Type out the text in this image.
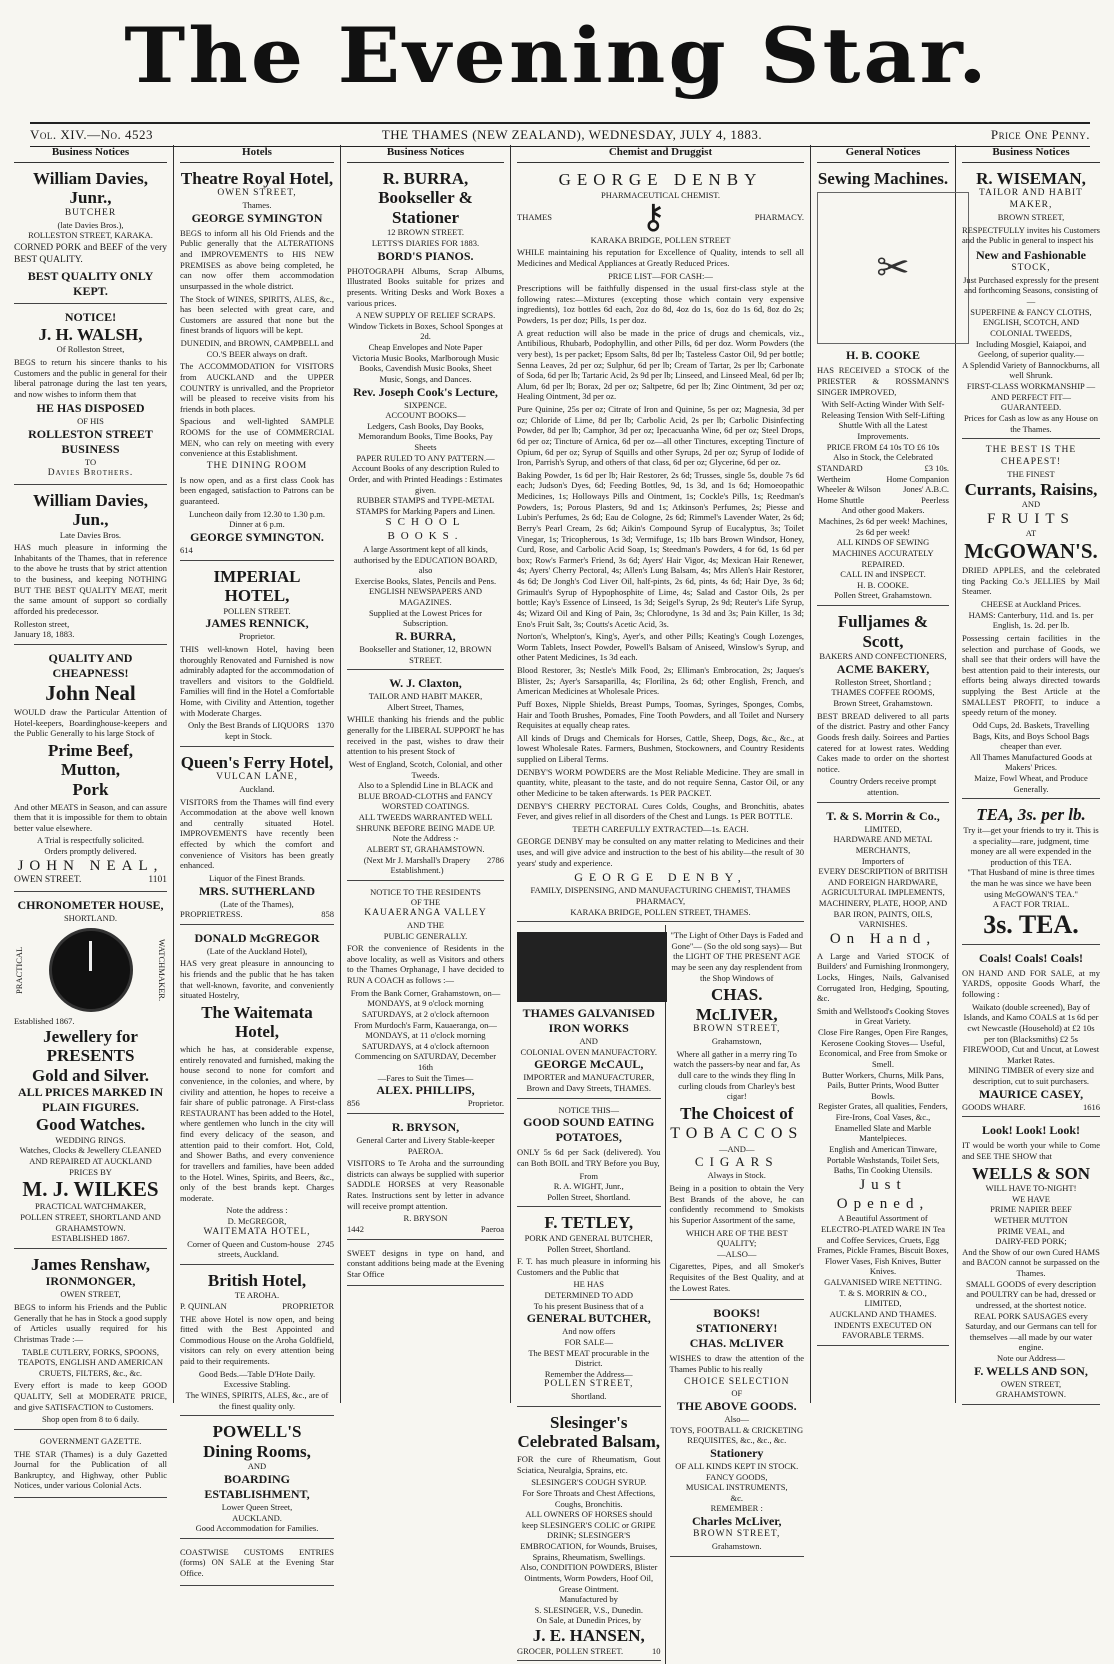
The Evening Star.
Vol. XIV.—No. 4523	THE THAMES (NEW ZEALAND), WEDNESDAY, JULY 4, 1883.	Price One Penny.
Business Notices
William Davies, Junr.,
BUTCHER
(late Davies Bros.),
ROLLESTON STREET, KARAKA.

CORNED PORK and BEEF of the very BEST QUALITY.

BEST QUALITY ONLY KEPT.
NOTICE!
J. H. WALSH,
Of Rolleston Street,

BEGS to return his sincere thanks to his Customers and the public in general for their liberal patronage during the last ten years, and now wishes to inform them that

HE HAS DISPOSED
OF HIS
ROLLESTON STREET BUSINESS
TO
Davies Brothers.
William Davies, Jun.,
Late Davies Bros.

HAS much pleasure in informing the Inhabitants of the Thames, that in reference to the above he trusts that by strict attention to the business, and keeping NOTHING BUT THE BEST QUALITY MEAT, merit the same amount of support so cordially afforded his predecessor.

Rolleston street,
January 18, 1883.
QUALITY AND CHEAPNESS!
John Neal

WOULD draw the Particular Attention of Hotel-keepers, Boardinghouse-keepers and the Public Generally to his large Stock of

Prime Beef,
Mutton,
Pork

And other MEATS in Season, and can assure them that it is impossible for them to obtain better value elsewhere.

A Trial is respectfully solicited.
Orders promptly delivered.
JOHN NEAL,
OWEN STREET.	1101
CHRONOMETER HOUSE,
SHORTLAND.
PRACTICAL	WATCHMAKER.
Established 1867.
Jewellery for PRESENTS
Gold and Silver.
ALL PRICES MARKED IN PLAIN FIGURES.
Good Watches.
WEDDING RINGS.
Watches, Clocks & Jewellery CLEANED AND REPAIRED AT AUCKLAND PRICES BY
M. J. WILKES
PRACTICAL WATCHMAKER,
POLLEN STREET, SHORTLAND AND GRAHAMSTOWN.
ESTABLISHED 1867.
James Renshaw,
IRONMONGER,
OWEN STREET,

BEGS to inform his Friends and the Public Generally that he has in Stock a good supply of Articles usually required for his Christmas Trade :—

TABLE CUTLERY, FORKS, SPOONS, TEAPOTS, ENGLISH AND AMERICAN CRUETS, FILTERS, &c., &c.

Every effort is made to keep GOOD QUALITY, Sell at MODERATE PRICE, and give SATISFACTION to Customers.

Shop open from 8 to 6 daily.
GOVERNMENT GAZETTE.

THE STAR (Thames) is a duly Gazetted Journal for the Publication of all Bankruptcy, and Highway, other Public Notices, under various Colonial Acts.

Hotels
Theatre Royal Hotel,
OWEN STREET,
Thames.
GEORGE SYMINGTON

BEGS to inform all his Old Friends and the Public generally that the ALTERATIONS and IMPROVEMENTS to HIS NEW PREMISES as above being completed, he can now offer them accommodation unsurpassed in the whole district.

The Stock of WINES, SPIRITS, ALES, &c., has been selected with great care, and Customers are assured that none but the finest brands of liquors will be kept.

DUNEDIN, and BROWN, CAMPBELL and CO.'S BEER always on draft.

The ACCOMMODATION for VISITORS from AUCKLAND and the UPPER COUNTRY is unrivalled, and the Proprietor will be pleased to receive visits from his friends in both places.

Spacious and well-lighted SAMPLE ROOMS for the use of COMMERCIAL MEN, who can rely on meeting with every convenience at this Establishment.

THE DINING ROOM

Is now open, and as a first class Cook has been engaged, satisfaction to Patrons can be guaranteed.

Luncheon daily from 12.30 to 1.30 p.m. Dinner at 6 p.m.
GEORGE SYMINGTON.
614
IMPERIAL HOTEL,
POLLEN STREET.
JAMES RENNICK,
Proprietor.

THIS well-known Hotel, having been thoroughly Renovated and Furnished is now admirably adapted for the accommodation of travellers and visitors to the Goldfield. Families will find in the Hotel a Comfortable Home, with Civility and Attention, together with Moderate Charges.

Only the Best Brands of LIQUORS kept in Stock.
1370
Queen's Ferry Hotel,
VULCAN LANE,
Auckland.

VISITORS from the Thames will find every Accommodation at the above well known and centrally situated Hotel. IMPROVEMENTS have recently been effected by which the comfort and convenience of Visitors has been greatly enhanced.

Liquor of the Finest Brands.
MRS. SUTHERLAND
(Late of the Thames),
PROPRIETRESS.	858
DONALD McGREGOR
(Late of the Auckland Hotel),

HAS very great pleasure in announcing to his friends and the public that he has taken that well-known, favorite, and conveniently situated Hostelry,

The Waitemata Hotel,

which he has, at considerable expense, entirely renovated and furnished, making the house second to none for comfort and convenience, in the colonies, and where, by civility and attention, he hopes to receive a fair share of public patronage. A First-class RESTAURANT has been added to the Hotel, where gentlemen who lunch in the city will find every delicacy of the season, and attention paid to their comfort. Hot, Cold, and Shower Baths, and every convenience for travellers and families, have been added to the Hotel. Wines, Spirits, and Beers, &c., only of the best brands kept. Charges moderate.

Note the address :
D. McGREGOR,
WAITEMATA HOTEL,
Corner of Queen and Custom-house streets, Auckland.
2745
British Hotel,
TE AROHA.
P. QUINLAN	PROPRIETOR

THE above Hotel is now open, and being fitted with the Best Appointed and Commodious House on the Aroha Goldfield, visitors can rely on every attention being paid to their requirements.

Good Beds.—Table D'Hote Daily.
Excessive Stabling.
The WINES, SPIRITS, ALES, &c., are of the finest quality only.
POWELL'S
Dining Rooms,
AND
BOARDING ESTABLISHMENT,
Lower Queen Street,
AUCKLAND.
Good Accommodation for Families.

COASTWISE CUSTOMS ENTRIES (forms) ON SALE at the Evening Star Office.

Business Notices
R. BURRA,
Bookseller & Stationer
12 BROWN STREET.
LETTS'S DIARIES FOR 1883.
BORD'S PIANOS.

PHOTOGRAPH Albums, Scrap Albums, Illustrated Books suitable for prizes and presents. Writing Desks and Work Boxes a various prices.

A NEW SUPPLY OF RELIEF SCRAPS.
Window Tickets in Boxes, School Sponges at 2d.
Cheap Envelopes and Note Paper
Victoria Music Books, Marlborough Music Books, Cavendish Music Books, Sheet Music, Songs, and Dances.
Rev. Joseph Cook's Lecture,
SIXPENCE.
ACCOUNT BOOKS—
Ledgers, Cash Books, Day Books, Memorandum Books, Time Books, Pay Sheets
PAPER RULED TO ANY PATTERN.—
Account Books of any description Ruled to Order, and with Printed Headings : Estimates given.
RUBBER STAMPS and TYPE-METAL STAMPS for Marking Papers and Linen.
SCHOOL BOOKS.
A large Assortment kept of all kinds, authorised by the EDUCATION BOARD, also
Exercise Books, Slates, Pencils and Pens.
ENGLISH NEWSPAPERS AND MAGAZINES.
Supplied at the Lowest Prices for Subscription.
R. BURRA,
Bookseller and Stationer, 12, BROWN STREET.
W. J. Claxton,
TAILOR AND HABIT MAKER,
Albert Street, Thames,

WHILE thanking his friends and the public generally for the LIBERAL SUPPORT he has received in the past, wishes to draw their attention to his present Stock of

West of England, Scotch, Colonial, and other Tweeds.
Also to a Splendid Line in BLACK and BLUE BROAD-CLOTHS and FANCY WORSTED COATINGS.
ALL TWEEDS WARRANTED WELL SHRUNK BEFORE BEING MADE UP.
Note the Address :-
ALBERT ST, GRAHAMSTOWN.
(Next Mr J. Marshall's Drapery Establishment.)
2786
NOTICE TO THE RESIDENTS
OF THE
KAUAERANGA VALLEY
AND THE
PUBLIC GENERALLY.

FOR the convenience of Residents in the above locality, as well as Visitors and others to the Thames Orphanage, I have decided to RUN A COACH as follows :—

From the Bank Corner, Grahamstown, on— MONDAYS, at 9 o'clock morning SATURDAYS, at 2 o'clock afternoon
From Murdoch's Farm, Kauaeranga, on— MONDAYS, at 11 o'clock morning SATURDAYS, at 4 o'clock afternoon Commencing on SATURDAY, December 16th
—Fares to Suit the Times—
ALEX. PHILLIPS,
856	Proprietor.
R. BRYSON,
General Carter and Livery Stable-keeper PAEROA.

VISITORS to Te Aroha and the surrounding districts can always be supplied with superior SADDLE HORSES at very Reasonable Rates. Instructions sent by letter in advance will receive prompt attention.

R. BRYSON
1442	Paeroa

SWEET designs in type on hand, and constant additions being made at the Evening Star Office

Chemist and Druggist
GEORGE DENBY
PHARMACEUTICAL CHEMIST.
THAMES	⚷	PHARMACY.
KARAKA BRIDGE, POLLEN STREET

WHILE maintaining his reputation for Excellence of Quality, intends to sell all Medicines and Medical Appliances at Greatly Reduced Prices.

PRICE LIST—FOR CASH:—

Prescriptions will be faithfully dispensed in the usual first-class style at the following rates:—Mixtures (excepting those which contain very expensive ingredients), 1oz bottles 6d each, 2oz do 8d, 4oz do 1s, 6oz do 1s 6d, 8oz do 2s; Powders, 1s per doz; Pills, 1s per doz.

A great reduction will also be made in the price of drugs and chemicals, viz., Antibilious, Rhubarb, Podophyllin, and other Pills, 6d per doz. Worm Powders (the very best), 1s per packet; Epsom Salts, 8d per lb; Tasteless Castor Oil, 9d per bottle; Senna Leaves, 2d per oz; Sulphur, 6d per lb; Cream of Tartar, 2s per lb; Carbonate of Soda, 6d per lb; Tartaric Acid, 2s 9d per lb; Linseed, and Linseed Meal, 6d per lb; Alum, 6d per lb; Borax, 2d per oz; Saltpetre, 6d per lb; Zinc Ointment, 3d per oz; Healing Ointment, 3d per oz.

Pure Quinine, 25s per oz; Citrate of Iron and Quinine, 5s per oz; Magnesia, 3d per oz; Chloride of Lime, 8d per lb; Carbolic Acid, 2s per lb; Carbolic Disinfecting Powder, 8d per lb; Camphor, 3d per oz; Ipecacuanha Wine, 6d per oz; Steel Drops, 6d per oz; Tincture of Arnica, 6d per oz—all other Tinctures, excepting Tincture of Opium, 6d per oz; Syrup of Squills and other Syrups, 2d per oz; Syrup of Iodide of Iron, Parrish's Syrup, and others of that class, 6d per oz; Glycerine, 6d per oz.

Baking Powder, 1s 6d per lb; Hair Restorer, 2s 6d; Trusses, single 5s, double 7s 6d each; Judson's Dyes, 6d; Feeding Bottles, 9d, 1s 3d, and 1s 6d; Homoeopathic Medicines, 1s; Holloways Pills and Ointment, 1s; Cockle's Pills, 1s; Reedman's Powders, 1s; Porous Plasters, 9d and 1s; Atkinson's Perfumes, 2s; Piesse and Lubin's Perfumes, 2s 6d; Eau de Cologne, 2s 6d; Rimmel's Lavender Water, 2s 6d; Berry's Pearl Cream, 2s 6d; Aikin's Compound Syrup of Eucalyptus, 3s; Toilet Vinegar, 1s; Tricopherous, 1s 3d; Vermifuge, 1s; 1lb bars Brown Windsor, Honey, Curd, Rose, and Carbolic Acid Soap, 1s; Steedman's Powders, 4 for 6d, 1s 6d per box; Row's Farmer's Friend, 3s 6d; Ayers' Hair Vigor, 4s; Mexican Hair Renewer, 4s; Ayers' Cherry Pectoral, 4s; Allen's Lung Balsam, 4s; Mrs Allen's Hair Restorer, 4s 6d; De Jongh's Cod Liver Oil, half-pints, 2s 6d, pints, 4s 6d; Hair Dye, 3s 6d; Grimault's Syrup of Hypophosphite of Lime, 4s; Salad and Castor Oils, 2s per bottle; Kay's Essence of Linseed, 1s 3d; Seigel's Syrup, 2s 9d; Reuter's Life Syrup, 4s; Wizard Oil and King of Pain, 3s; Chlorodyne, 1s 3d and 3s; Pain Killer, 1s 3d; Eno's Fruit Salt, 3s; Coutts's Acetic Acid, 3s.

Norton's, Whelpton's, King's, Ayer's, and other Pills; Keating's Cough Lozenges, Worm Tablets, Insect Powder, Powell's Balsam of Aniseed, Winslow's Syrup, and other Patent Medicines, 1s 3d each.

Blood Restorer, 3s; Nestle's Milk Food, 2s; Elliman's Embrocation, 2s; Jaques's Blister, 2s; Ayer's Sarsaparilla, 4s; Florilina, 2s 6d; other English, French, and American Medicines at Wholesale Prices.

Puff Boxes, Nipple Shields, Breast Pumps, Toomas, Syringes, Sponges, Combs, Hair and Tooth Brushes, Pomades, Fine Tooth Powders, and all Toilet and Nursery Requisites at equally cheap rates.

All kinds of Drugs and Chemicals for Horses, Cattle, Sheep, Dogs, &c., &c., at lowest Wholesale Rates. Farmers, Bushmen, Stockowners, and Country Residents supplied on Liberal Terms.

DENBY'S WORM POWDERS are the Most Reliable Medicine. They are small in quantity, white, pleasant to the taste, and do not require Senna, Castor Oil, or any other Medicine to be taken afterwards. 1s PER PACKET.

DENBY'S CHERRY PECTORAL Cures Colds, Coughs, and Bronchitis, abates Fever, and gives relief in all disorders of the Chest and Lungs. 1s PER BOTTLE.

TEETH CAREFULLY EXTRACTED—1s. EACH.

GEORGE DENBY may be consulted on any matter relating to Medicines and their uses, and will give advice and instruction to the best of his ability—the result of 30 years' study and experience.

GEORGE DENBY,
FAMILY, DISPENSING, AND MANUFACTURING CHEMIST, THAMES PHARMACY,
KARAKA BRIDGE, POLLEN STREET, THAMES.
THAMES GALVANISED IRON WORKS
AND
COLONIAL OVEN MANUFACTORY.
GEORGE McCAUL,
IMPORTER and MANUFACTURER,
Brown and Davy Streets, THAMES.
NOTICE THIS—
GOOD SOUND EATING POTATOES,

ONLY 5s 6d per Sack (delivered). You can Both BOIL and TRY Before you Buy,

From
R. A. WIGHT, Junr.,
Pollen Street, Shortland.
F. TETLEY,
PORK AND GENERAL BUTCHER,
Pollen Street, Shortland.

F. T. has much pleasure in informing his Customers and the Public that

HE HAS
DETERMINED TO ADD
To his present Business that of a
GENERAL BUTCHER,
And now offers
FOR SALE—
The BEST MEAT procurable in the District.
Remember the Address—
POLLEN STREET,
Shortland.
Slesinger's Celebrated Balsam,

FOR the cure of Rheumatism, Gout Sciatica, Neuralgia, Sprains, etc.

SLESINGER'S COUGH SYRUP.
For Sore Throats and Chest Affections, Coughs, Bronchitis.
ALL OWNERS OF HORSES should keep SLESINGER'S COLIC or GRIPE DRINK; SLESINGER'S EMBROCATION, for Wounds, Bruises, Sprains, Rheumatism, Swellings.
Also, CONDITION POWDERS, Blister Ointments, Worm Powders, Hoof Oil, Grease Ointment.
Manufactured by
S. SLESINGER, V.S., Dunedin.
On Sale, at Dunedin Prices, by
J. E. HANSEN,
GROCER, POLLEN STREET.	10

"The Light of Other Days is Faded and Gone"— (So the old song says)— But the LIGHT OF THE PRESENT AGE may be seen any day resplendent from the Shop Windows of

CHAS. McLIVER,
BROWN STREET,
Grahamstown,

Where all gather in a merry ring To watch the passers-by near and far, As dull care to the winds they fling In curling clouds from Charley's best cigar!

The Choicest of
TOBACCOS
—AND—
CIGARS
Always in Stock.

Being in a position to obtain the Very Best Brands of the above, he can confidently recommend to Smokists his Superior Assortment of the same,

WHICH ARE OF THE BEST QUALITY;
—ALSO—

Cigarettes, Pipes, and all Smoker's Requisites of the Best Quality, and at the Lowest Rates.

BOOKS!
STATIONERY!
CHAS. McLIVER

WISHES to draw the attention of the Thames Public to his really

CHOICE SELECTION
OF
THE ABOVE GOODS.
Also—
TOYS, FOOTBALL & CRICKETING REQUISITES, &c., &c., &c.
Stationery
OF ALL KINDS KEPT IN STOCK.
FANCY GOODS,
MUSICAL INSTRUMENTS,
&c.
REMEMBER :
Charles McLiver,
BROWN STREET,
Grahamstown.
General Notices
Sewing Machines.
✂
H. B. COOKE

HAS RECEIVED a STOCK of the PRIESTER & ROSSMANN'S SINGER IMPROVED,

With Self-Acting Winder With Self-Releasing Tension With Self-Lifting Shuttle With all the Latest Improvements.
PRICE FROM £4 10s TO £6 10s
Also in Stock, the Celebrated
STANDARD	£3 10s.
Wertheim	Home Companion
Wheeler & Wilson	Jones' A.B.C.
Home Shuttle	Peerless
And other good Makers.
Machines, 2s 6d per week! Machines, 2s 6d per week!
ALL KINDS OF SEWING MACHINES ACCURATELY REPAIRED.
CALL IN and INSPECT.
H. B. COOKE.
Pollen Street, Grahamstown.
Fulljames & Scott,
BAKERS AND CONFECTIONERS,
ACME BAKERY,
Rolleston Street, Shortland ;
THAMES COFFEE ROOMS,
Brown Street, Grahamstown.

BEST BREAD delivered to all parts of the district. Pastry and other Fancy Goods fresh daily. Soirees and Parties catered for at lowest rates. Wedding Cakes made to order on the shortest notice.

Country Orders receive prompt attention.
T. & S. Morrin & Co.,
LIMITED,
HARDWARE AND METAL MERCHANTS,
Importers of
EVERY DESCRIPTION of BRITISH AND FOREIGN HARDWARE, AGRICULTURAL IMPLEMENTS, MACHINERY, PLATE, HOOP, AND BAR IRON, PAINTS, OILS, VARNISHES.
On Hand,

A Large and Varied STOCK of Builders' and Furnishing Ironmongery, Locks, Hinges, Nails, Galvanised Corrugated Iron, Hedging, Spouting, &c.

Smith and Wellstood's Cooking Stoves in Great Variety.
Close Fire Ranges, Open Fire Ranges, Kerosene Cooking Stoves— Useful, Economical, and Free from Smoke or Smell.
Butter Workers, Churns, Milk Pans, Pails, Butter Prints, Wood Butter Bowls.
Register Grates, all qualities, Fenders, Fire-Irons, Coal Vases, &c., Enamelled Slate and Marble Mantelpieces.
English and American Tinware, Portable Washstands, Toilet Sets, Baths, Tin Cooking Utensils.
Just Opened,
A Beautiful Assortment of ELECTRO-PLATED WARE IN Tea and Coffee Services, Cruets, Egg Frames, Pickle Frames, Biscuit Boxes, Flower Vases, Fish Knives, Butter Knives.
GALVANISED WIRE NETTING.
T. & S. MORRIN & CO.,
LIMITED,
AUCKLAND AND THAMES.
INDENTS EXECUTED ON FAVORABLE TERMS.
Business Notices
R. WISEMAN,
TAILOR AND HABIT MAKER,
BROWN STREET,

RESPECTFULLY invites his Customers and the Public in general to inspect his

New and Fashionable
STOCK,
Just Purchased expressly for the present and forthcoming Seasons, consisting of—
SUPERFINE & FANCY CLOTHS, ENGLISH, SCOTCH, AND COLONIAL TWEEDS,
Including Mosgiel, Kaiapoi, and Geelong, of superior quality.—
A Splendid Variety of Bannockburns, all well Shrunk.
FIRST-CLASS WORKMANSHIP —AND PERFECT FIT— GUARANTEED.
Prices for Cash as low as any House on the Thames.
THE BEST IS THE CHEAPEST!
THE FINEST
Currants, Raisins,
AND
FRUITS
AT
McGOWAN'S.

DRIED APPLES, and the celebrated ting Packing Co.'s JELLIES by Mail Steamer.

CHEESE at Auckland Prices.
HAMS: Canterbury, 11d. and 1s. per English, 1s. 2d. per lb.

Possessing certain facilities in the selection and purchase of Goods, we shall see that their orders will have the best attention paid to their interests, our efforts being always directed towards supplying the Best Article at the SMALLEST PROFIT, to induce a speedy return of the money.

Odd Cups, 2d. Baskets, Travelling Bags, Kits, and Boys School Bags cheaper than ever.
All Thames Manufactured Goods at Makers' Prices.
Maize, Fowl Wheat, and Produce Generally.
TEA, 3s. per lb.
Try it—get your friends to try it. This is a speciality—rare, judgment, time money are all were expended in the production of this TEA.
"That Husband of mine is three times the man he was since we have been using McGOWAN'S TEA."
A FACT FOR TRIAL.
3s. TEA.
Coals! Coals! Coals!

ON HAND AND FOR SALE, at my YARDS, opposite Goods Wharf, the following :

Waikato (double screened), Bay of Islands, and Kamo COALS at 1s 6d per cwt Newcastle (Household) at £2 10s per ton (Blacksmiths) £2 5s
FIREWOOD, Cut and Uncut, at Lowest Market Rates.
MINING TIMBER of every size and description, cut to suit purchasers.
MAURICE CASEY,
GOODS WHARF.	1616
Look! Look! Look!

IT would be worth your while to Come and SEE THE SHOW that

WELLS & SON
WILL HAVE TO-NIGHT!
WE HAVE
PRIME NAPIER BEEF
WETHER MUTTON
PRIME VEAL, and
DAIRY-FED PORK;
And the Show of our own Cured HAMS and BACON cannot be surpassed on the Thames.
SMALL GOODS of every description and POULTRY can be had, dressed or undressed, at the shortest notice.
REAL PORK SAUSAGES every Saturday, and our Germans can tell for themselves —all made by our water engine.
Note our Address—
F. WELLS AND SON,
OWEN STREET,
GRAHAMSTOWN.
